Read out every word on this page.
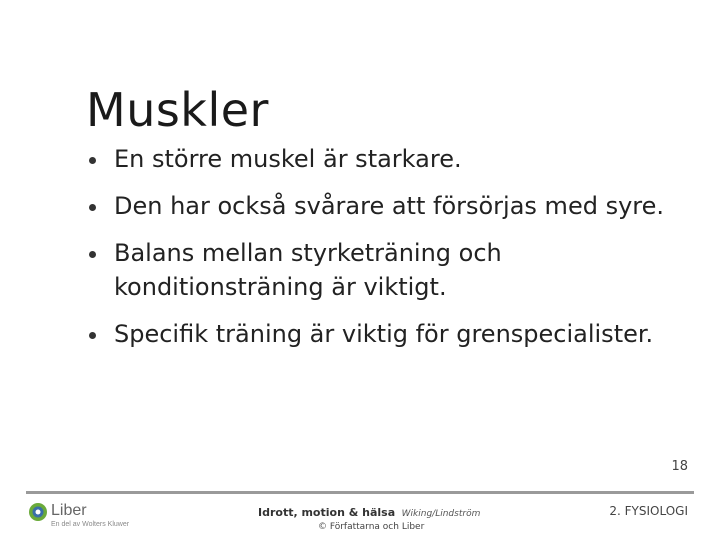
Muskler
En större muskel är starkare.
Den har också svårare att försörjas med syre.
Balans mellan styrketräning och konditionsträning är viktigt.
Specifik träning är viktig för grenspecialister.
18
Liber
En del av Wolters Kluwer
Idrott, motion & hälsa Wiking/Lindström
© Författarna och Liber
2. FYSIOLOGI
